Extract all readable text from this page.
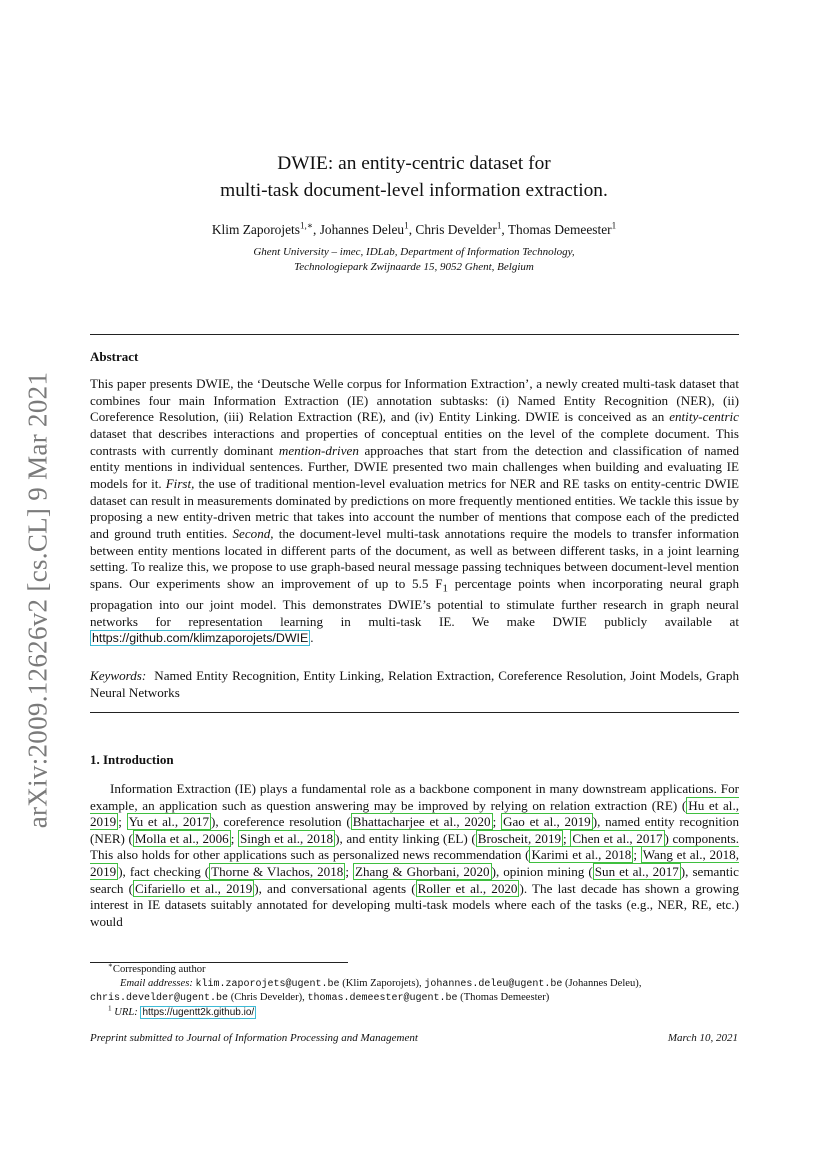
arXiv:2009.12626v2 [cs.CL] 9 Mar 2021
DWIE: an entity-centric dataset for
multi-task document-level information extraction.
Klim Zaporojets$^{1,∗}$, Johannes Deleu$^1$, Chris Develder$^1$, Thomas Demeester$^1$
Ghent University – imec, IDLab, Department of Information Technology,
Technologiepark Zwijnaarde 15, 9052 Ghent, Belgium
Abstract
This paper presents DWIE, the ‘Deutsche Welle corpus for Information Extraction’, a newly created multi-task dataset that combines four main Information Extraction (IE) annotation subtasks: (i) Named Entity Recognition (NER), (ii) Coreference Resolution, (iii) Relation Extraction (RE), and (iv) Entity Linking. DWIE is conceived as an entity-centric dataset that describes interactions and properties of conceptual entities on the level of the complete document. This contrasts with currently dominant mention-driven approaches that start from the detection and classification of named entity mentions in individual sentences. Further, DWIE presented two main challenges when building and evaluating IE models for it. First, the use of traditional mention-level evaluation metrics for NER and RE tasks on entity-centric DWIE dataset can result in measurements dominated by predictions on more frequently mentioned entities. We tackle this issue by proposing a new entity-driven metric that takes into account the number of mentions that compose each of the predicted and ground truth entities. Second, the document-level multi-task annotations require the models to transfer information between entity mentions located in different parts of the document, as well as between different tasks, in a joint learning setting. To realize this, we propose to use graph-based neural message passing techniques between document-level mention spans. Our experiments show an improvement of up to 5.5 $F_1$ percentage points when incorporating neural graph propagation into our joint model. This demonstrates DWIE’s potential to stimulate further research in graph neural networks for representation learning in multi-task IE. We make DWIE publicly available at https://github.com/klimzaporojets/DWIE .
Keywords: Named Entity Recognition, Entity Linking, Relation Extraction, Coreference Resolution, Joint Models, Graph Neural Networks
1. Introduction
Information Extraction (IE) plays a fundamental role as a backbone component in many downstream applications. For example, an application such as question answering may be improved by relying on relation extraction (RE) ( Hu et al., 2019 ; Yu et al., 2017 ), coreference resolution ( Bhattacharjee et al., 2020 ; Gao et al., 2019 ), named entity recognition (NER) ( Molla et al., 2006 ; Singh et al., 2018 ), and entity linking (EL) ( Broscheit, 2019 ; Chen et al., 2017 ) components. This also holds for other applications such as personalized news recommendation ( Karimi et al., 2018 ; Wang et al., 2018, 2019 ), fact checking ( Thorne & Vlachos, 2018 ; Zhang & Ghorbani, 2020 ), opinion mining ( Sun et al., 2017 ), semantic search ( Cifariello et al., 2019 ), and conversational agents ( Roller et al., 2020 ). The last decade has shown a growing interest in IE datasets suitably annotated for developing multi-task models where each of the tasks (e.g., NER, RE, etc.) would
∗Corresponding author
Email addresses: klim.zaporojets@ugent.be (Klim Zaporojets), johannes.deleu@ugent.be (Johannes Deleu),
chris.develder@ugent.be (Chris Develder), thomas.demeester@ugent.be (Thomas Demeester)
$^1$ URL: https://ugentt2k.github.io/
Preprint submitted to Journal of Information Processing and Management	March 10, 2021
